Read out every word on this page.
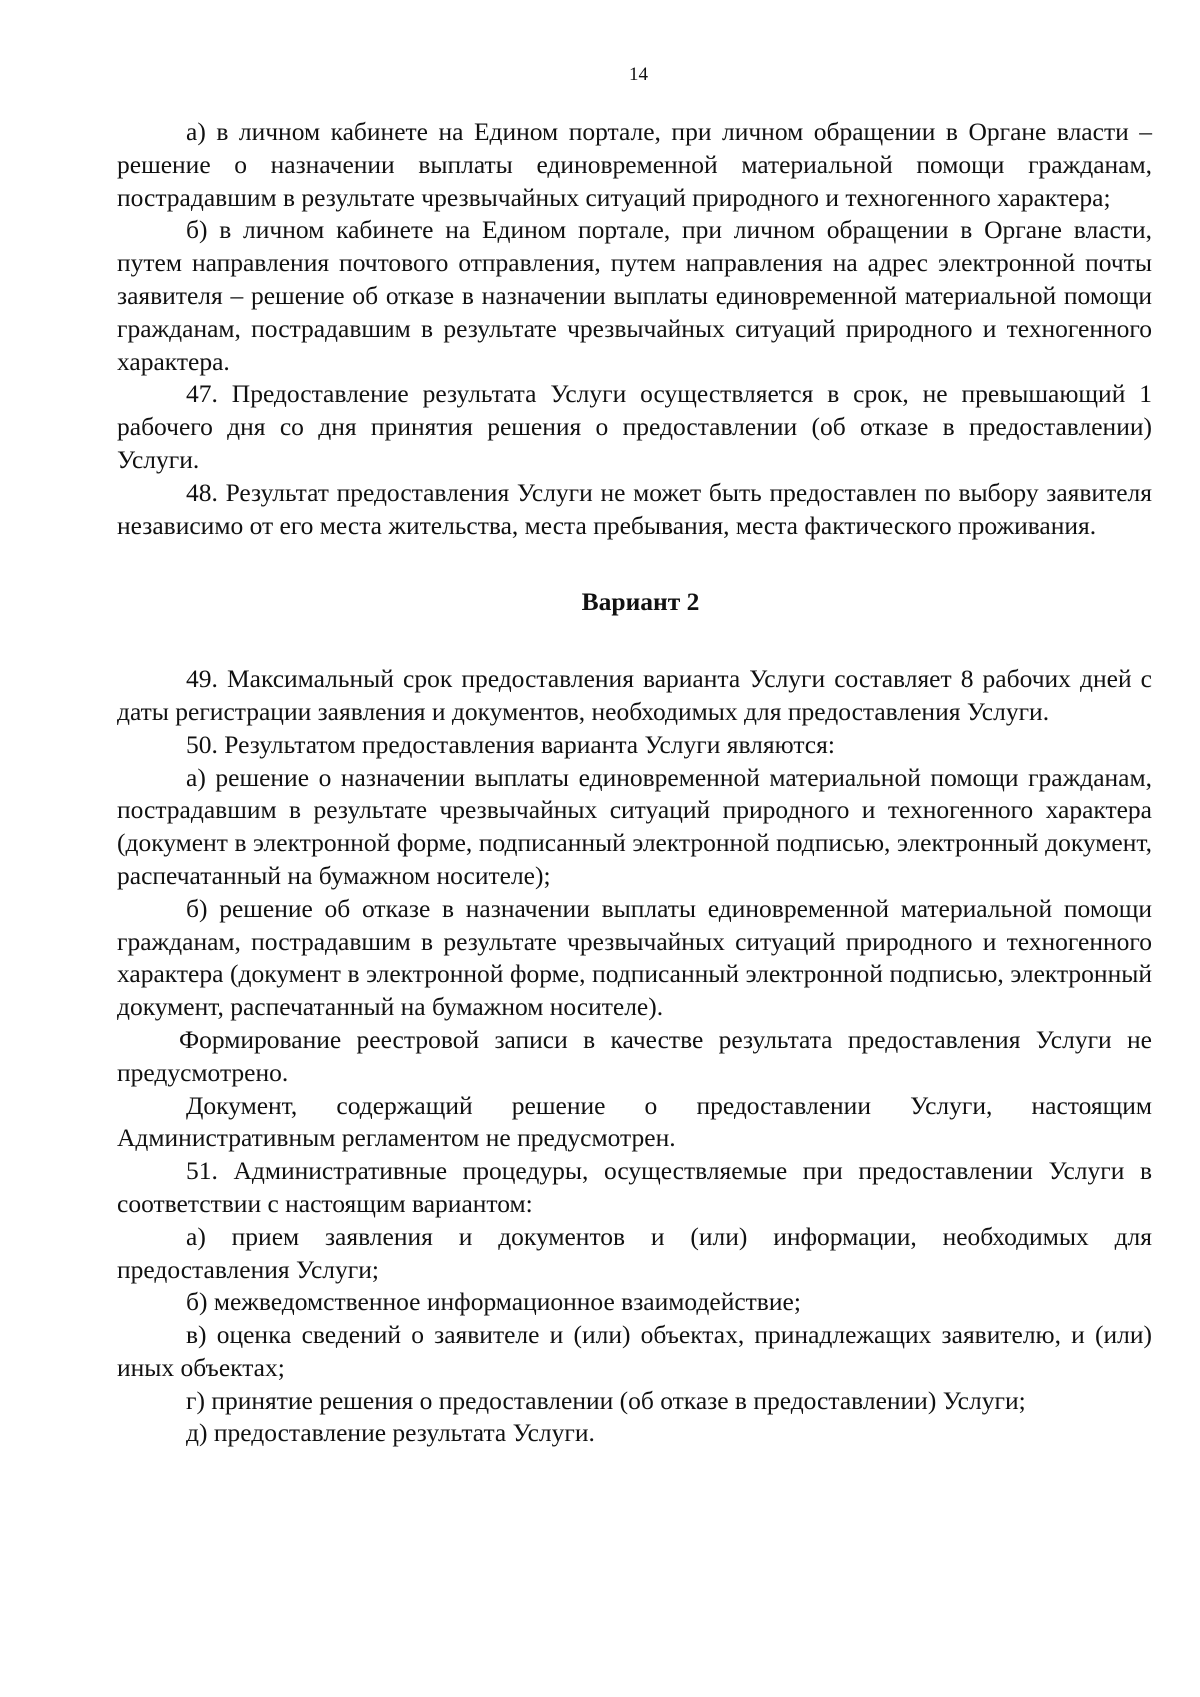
14

а) в личном кабинете на Едином портале, при личном обращении в Органе власти – решение о назначении выплаты единовременной материальной помощи гражданам, пострадавшим в результате чрезвычайных ситуаций природного и техногенного характера;

б) в личном кабинете на Едином портале, при личном обращении в Органе власти, путем направления почтового отправления, путем направления на адрес электронной почты заявителя – решение об отказе в назначении выплаты единовременной материальной помощи гражданам, пострадавшим в результате чрезвычайных ситуаций природного и техногенного характера.

47. Предоставление результата Услуги осуществляется в срок, не превышающий 1 рабочего дня со дня принятия решения о предоставлении (об отказе в предоставлении) Услуги.

48. Результат предоставления Услуги не может быть предоставлен по выбору заявителя независимо от его места жительства, места пребывания, места фактического проживания.

Вариант 2

49. Максимальный срок предоставления варианта Услуги составляет 8 рабочих дней с даты регистрации заявления и документов, необходимых для предоставления Услуги.

50. Результатом предоставления варианта Услуги являются:

а) решение о назначении выплаты единовременной материальной помощи гражданам, пострадавшим в результате чрезвычайных ситуаций природного и техногенного характера (документ в электронной форме, подписанный электронной подписью, электронный документ, распечатанный на бумажном носителе);

б) решение об отказе в назначении выплаты единовременной материальной помощи гражданам, пострадавшим в результате чрезвычайных ситуаций природного и техногенного характера (документ в электронной форме, подписанный электронной подписью, электронный документ, распечатанный на бумажном носителе).

Формирование реестровой записи в качестве результата предоставления Услуги не предусмотрено.

Документ, содержащий решение о предоставлении Услуги, настоящим Административным регламентом не предусмотрен.

51. Административные процедуры, осуществляемые при предоставлении Услуги в соответствии с настоящим вариантом:

а) прием заявления и документов и (или) информации, необходимых для предоставления Услуги;

б) межведомственное информационное взаимодействие;

в) оценка сведений о заявителе и (или) объектах, принадлежащих заявителю, и (или) иных объектах;

г) принятие решения о предоставлении (об отказе в предоставлении) Услуги;

д) предоставление результата Услуги.
